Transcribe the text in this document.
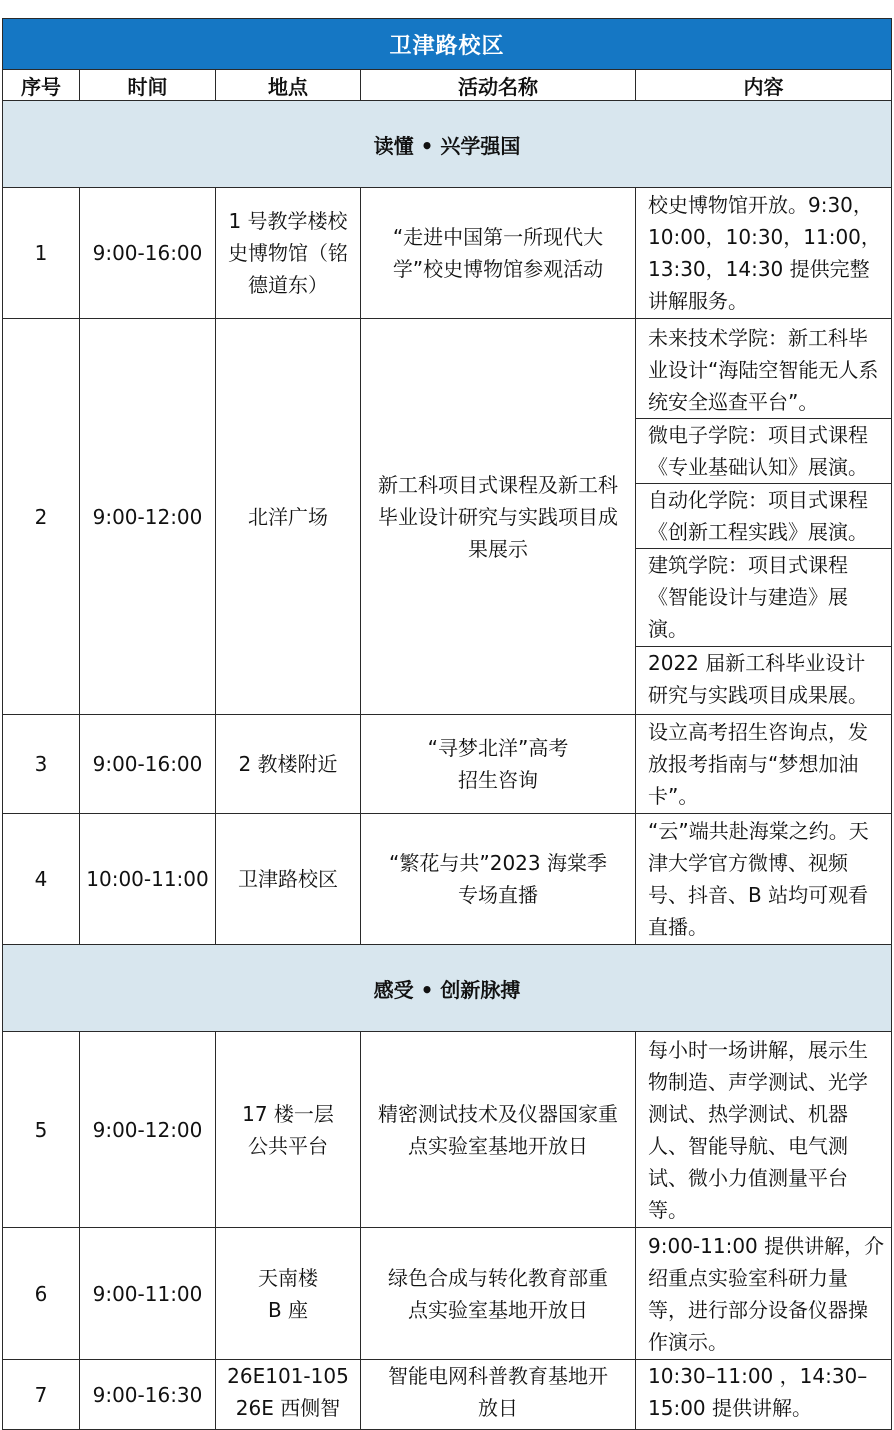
卫津路校区				
序号	时间	地点	活动名称	内容
读懂 • 兴学强国				
1	9:00-16:00	1 号教学楼校史博物馆（铭德道东）	“走进中国第一所现代大学”校史博物馆参观活动	校史博物馆开放。9:30，10:00，10:30，11:00，13:30，14:30 提供完整讲解服务。
2	9:00-12:00	北洋广场	新工科项目式课程及新工科毕业设计研究与实践项目成果展示	未来技术学院：新工科毕业设计“海陆空智能无人系统安全巡查平台”。
微电子学院：项目式课程《专业基础认知》展演。
自动化学院：项目式课程《创新工程实践》展演。
建筑学院：项目式课程《智能设计与建造》展演。
2022 届新工科毕业设计研究与实践项目成果展。

3	9:00-16:00	2 教楼附近	“寻梦北洋”高考招生咨询	设立高考招生咨询点，发放报考指南与“梦想加油卡”。
4	10:00-11:00	卫津路校区	“繁花与共”2023 海棠季专场直播	“云”端共赴海棠之约。天津大学官方微博、视频号、抖音、B 站均可观看直播。
感受 • 创新脉搏				
5	9:00-12:00	17 楼一层公共平台	精密测试技术及仪器国家重点实验室基地开放日	每小时一场讲解，展示生物制造、声学测试、光学测试、热学测试、机器人、智能导航、电气测试、微小力值测量平台等。
6	9:00-11:00	天南楼 B 座	绿色合成与转化教育部重点实验室基地开放日	9:00-11:00 提供讲解，介绍重点实验室科研力量等，进行部分设备仪器操作演示。
7	9:00-16:30	26E101-105 26E 西侧智	智能电网科普教育基地开放日	10:30–11:00 ，14:30–15:00 提供讲解。
